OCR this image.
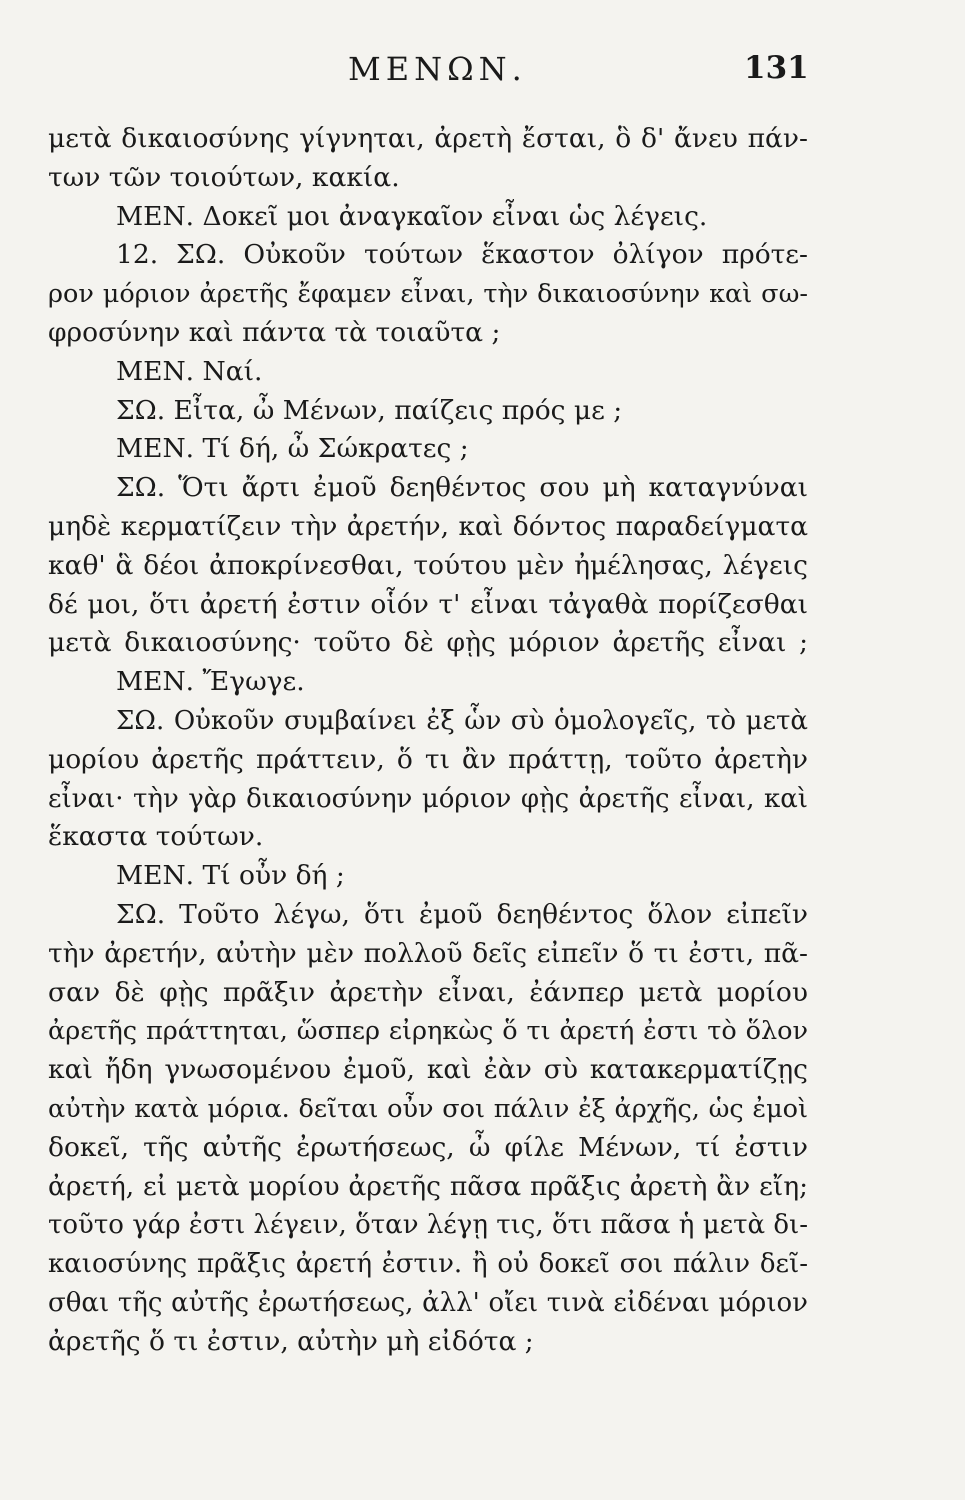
ΜΕΝΩΝ.	131
μετὰ δικαιοσύνης γίγνηται, ἀρετὴ ἔσται, ὃ δ' ἄνευ πάν-
των τῶν τοιούτων, κακία.
ΜΕΝ. Δοκεῖ μοι ἀναγκαῖον εἶναι ὡς λέγεις.
12. ΣΩ. Οὐκοῦν τούτων ἕκαστον ὀλίγον πρότε-
ρον μόριον ἀρετῆς ἔφαμεν εἶναι, τὴν δικαιοσύνην καὶ σω-
φροσύνην καὶ πάντα τὰ τοιαῦτα ;
ΜΕΝ. Ναί.
ΣΩ. Εἶτα, ὦ Μένων, παίζεις πρός με ;
ΜΕΝ. Τί δή, ὦ Σώκρατες ;
ΣΩ. Ὅτι ἄρτι ἐμοῦ δεηθέντος σου μὴ καταγνύναι
μηδὲ κερματίζειν τὴν ἀρετήν, καὶ δόντος παραδείγματα
καθ' ἃ δέοι ἀποκρίνεσθαι, τούτου μὲν ἠμέλησας, λέγεις
δέ μοι, ὅτι ἀρετή ἐστιν οἷόν τ' εἶναι τἀγαθὰ πορίζεσθαι
μετὰ δικαιοσύνης· τοῦτο δὲ φῂς μόριον ἀρετῆς εἶναι ;
ΜΕΝ. Ἔγωγε.
ΣΩ. Οὐκοῦν συμβαίνει ἐξ ὧν σὺ ὁμολογεῖς, τὸ μετὰ
μορίου ἀρετῆς πράττειν, ὅ τι ἂν πράττῃ, τοῦτο ἀρετὴν
εἶναι· τὴν γὰρ δικαιοσύνην μόριον φῂς ἀρετῆς εἶναι, καὶ
ἕκαστα τούτων.
ΜΕΝ. Τί οὖν δή ;
ΣΩ. Τοῦτο λέγω, ὅτι ἐμοῦ δεηθέντος ὅλον εἰπεῖν
τὴν ἀρετήν, αὐτὴν μὲν πολλοῦ δεῖς εἰπεῖν ὅ τι ἐστι, πᾶ-
σαν δὲ φῂς πρᾶξιν ἀρετὴν εἶναι, ἐάνπερ μετὰ μορίου
ἀρετῆς πράττηται, ὥσπερ εἰρηκὼς ὅ τι ἀρετή ἐστι τὸ ὅλον
καὶ ἤδη γνωσομένου ἐμοῦ, καὶ ἐὰν σὺ κατακερματίζῃς
αὐτὴν κατὰ μόρια. δεῖται οὖν σοι πάλιν ἐξ ἀρχῆς, ὡς ἐμοὶ
δοκεῖ, τῆς αὐτῆς ἐρωτήσεως, ὦ φίλε Μένων, τί ἐστιν
ἀρετή, εἰ μετὰ μορίου ἀρετῆς πᾶσα πρᾶξις ἀρετὴ ἂν εἴη;
τοῦτο γάρ ἐστι λέγειν, ὅταν λέγῃ τις, ὅτι πᾶσα ἡ μετὰ δι-
καιοσύνης πρᾶξις ἀρετή ἐστιν. ἢ οὐ δοκεῖ σοι πάλιν δεῖ-
σθαι τῆς αὐτῆς ἐρωτήσεως, ἀλλ' οἴει τινὰ εἰδέναι μόριον
ἀρετῆς ὅ τι ἐστιν, αὐτὴν μὴ εἰδότα ;
